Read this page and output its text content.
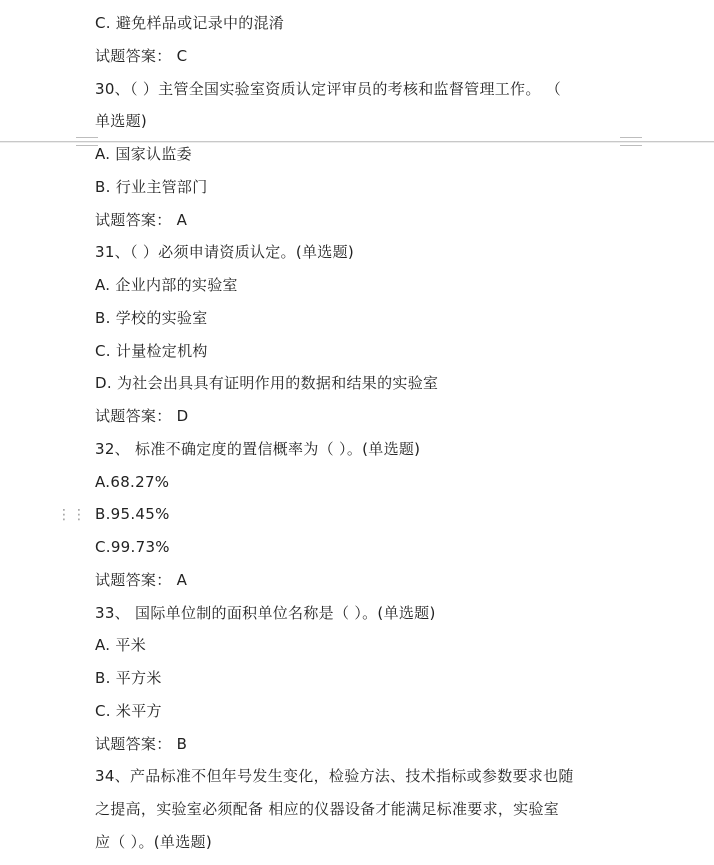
⋮⋮
C. 避免样品或记录中的混淆
试题答案： C
30、（ ）主管全国实验室资质认定评审员的考核和监督管理工作。 （
单选题)
A. 国家认监委
B. 行业主管部门
试题答案： A
31、（ ）必须申请资质认定。(单选题)
A. 企业内部的实验室
B. 学校的实验室
C. 计量检定机构
D. 为社会出具具有证明作用的数据和结果的实验室
试题答案： D
32、 标准不确定度的置信概率为（ ）。(单选题)
A.68.27%
B.95.45%
C.99.73%
试题答案： A
33、 国际单位制的面积单位名称是（ ）。(单选题)
A. 平米
B. 平方米
C. 米平方
试题答案： B
34、产品标准不但年号发生变化，检验方法、技术指标或参数要求也随
之提高，实验室必须配备 相应的仪器设备才能满足标准要求，实验室
应（ ）。(单选题)
